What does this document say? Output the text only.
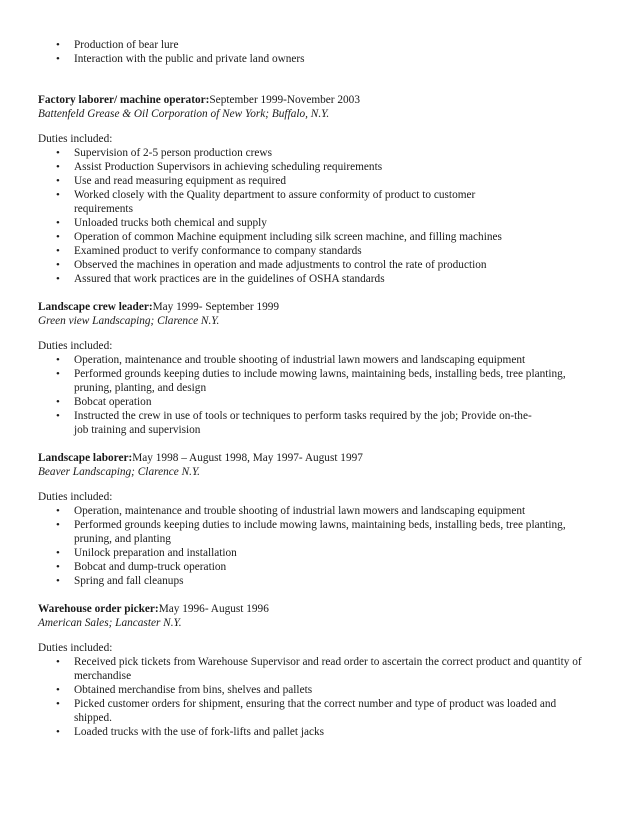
• Production of bear lure
• Interaction with the public and private land owners
Factory laborer/ machine operator:September 1999-November 2003
Battenfeld Grease & Oil Corporation of New York; Buffalo, N.Y.
Duties included:
• Supervision of 2-5 person production crews
• Assist Production Supervisors in achieving scheduling requirements
• Use and read measuring equipment as required
• Worked closely with the Quality department to assure conformity of product to customer requirements
• Unloaded trucks both chemical and supply
• Operation of common Machine equipment including silk screen machine, and filling machines
• Examined product to verify conformance to company standards
• Observed the machines in operation and made adjustments to control the rate of production
• Assured that work practices are in the guidelines of OSHA standards
Landscape crew leader:May 1999- September 1999
Green view Landscaping; Clarence N.Y.
Duties included:
• Operation, maintenance and trouble shooting of industrial lawn mowers and landscaping equipment
• Performed grounds keeping duties to include mowing lawns, maintaining beds, installing beds, tree planting, pruning, planting, and design
• Bobcat operation
• Instructed the crew in use of tools or techniques to perform tasks required by the job; Provide on-the-job training and supervision
Landscape laborer:May 1998 – August 1998, May 1997- August 1997
Beaver Landscaping; Clarence N.Y.
Duties included:
• Operation, maintenance and trouble shooting of industrial lawn mowers and landscaping equipment
• Performed grounds keeping duties to include mowing lawns, maintaining beds, installing beds, tree planting, pruning, and planting
• Unilock preparation and installation
• Bobcat and dump-truck operation
• Spring and fall cleanups
Warehouse order picker:May 1996- August 1996
American Sales; Lancaster N.Y.
Duties included:
• Received pick tickets from Warehouse Supervisor and read order to ascertain the correct product and quantity of merchandise
• Obtained merchandise from bins, shelves and pallets
• Picked customer orders for shipment, ensuring that the correct number and type of product was loaded and shipped.
• Loaded trucks with the use of fork-lifts and pallet jacks
